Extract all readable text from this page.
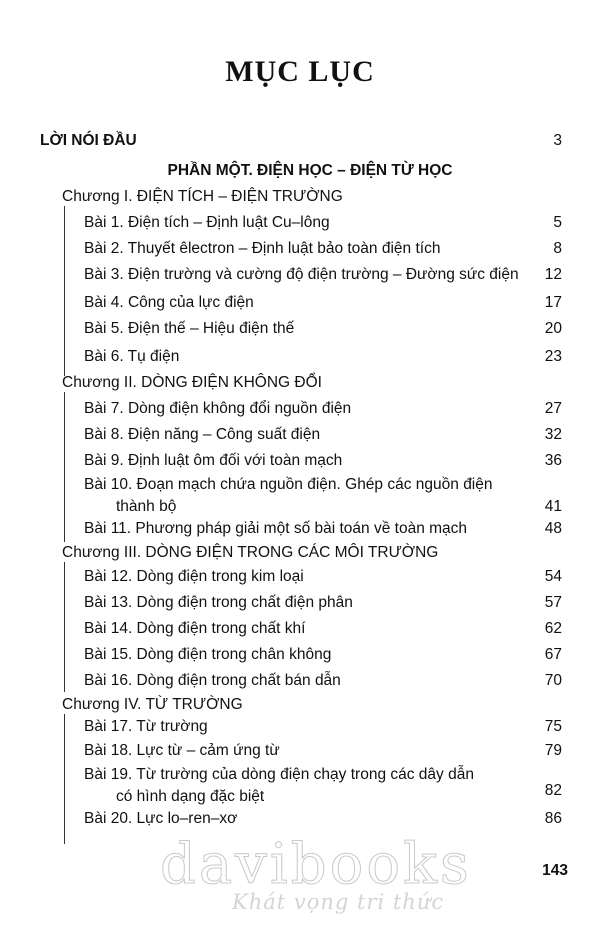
MỤC LỤC
LỜI NÓI ĐẦU	3
PHẦN MỘT. ĐIỆN HỌC – ĐIỆN TỪ HỌC
Chương I. ĐIỆN TÍCH – ĐIỆN TRƯỜNG
Bài 1. Điện tích – Định luật Cu–lông	5
Bài 2. Thuyết êlectron – Định luật bảo toàn điện tích	8
Bài 3. Điện trường và cường độ điện trường – Đường sức điện 12
Bài 4. Công của lực điện	17
Bài 5. Điện thế – Hiệu điện thế	20
Bài 6. Tụ điện	23
Chương II. DÒNG ĐIỆN KHÔNG ĐỔI
Bài 7. Dòng điện không đổi nguồn điện	27
Bài 8. Điện năng – Công suất điện	32
Bài 9. Định luật ôm đối với toàn mạch	36
Bài 10. Đoạn mạch chứa nguồn điện. Ghép các nguồn điện
thành bộ	41
Bài 11. Phương pháp giải một số bài toán về toàn mạch	48
Chương III. DÒNG ĐIỆN TRONG CÁC MÔI TRƯỜNG
Bài 12. Dòng điện trong kim loại	54
Bài 13. Dòng điện trong chất điện phân	57
Bài 14. Dòng điện trong chất khí	62
Bài 15. Dòng điện trong chân không	67
Bài 16. Dòng điện trong chất bán dẫn	70
Chương IV. TỪ TRƯỜNG
Bài 17. Từ trường	75
Bài 18. Lực từ – cảm ứng từ	79
Bài 19. Từ trường của dòng điện chạy trong các dây dẫn
có hình dạng đặc biệt	82
Bài 20. Lực lo–ren–xơ	86
davibooks
Khát vọng tri thức
143
